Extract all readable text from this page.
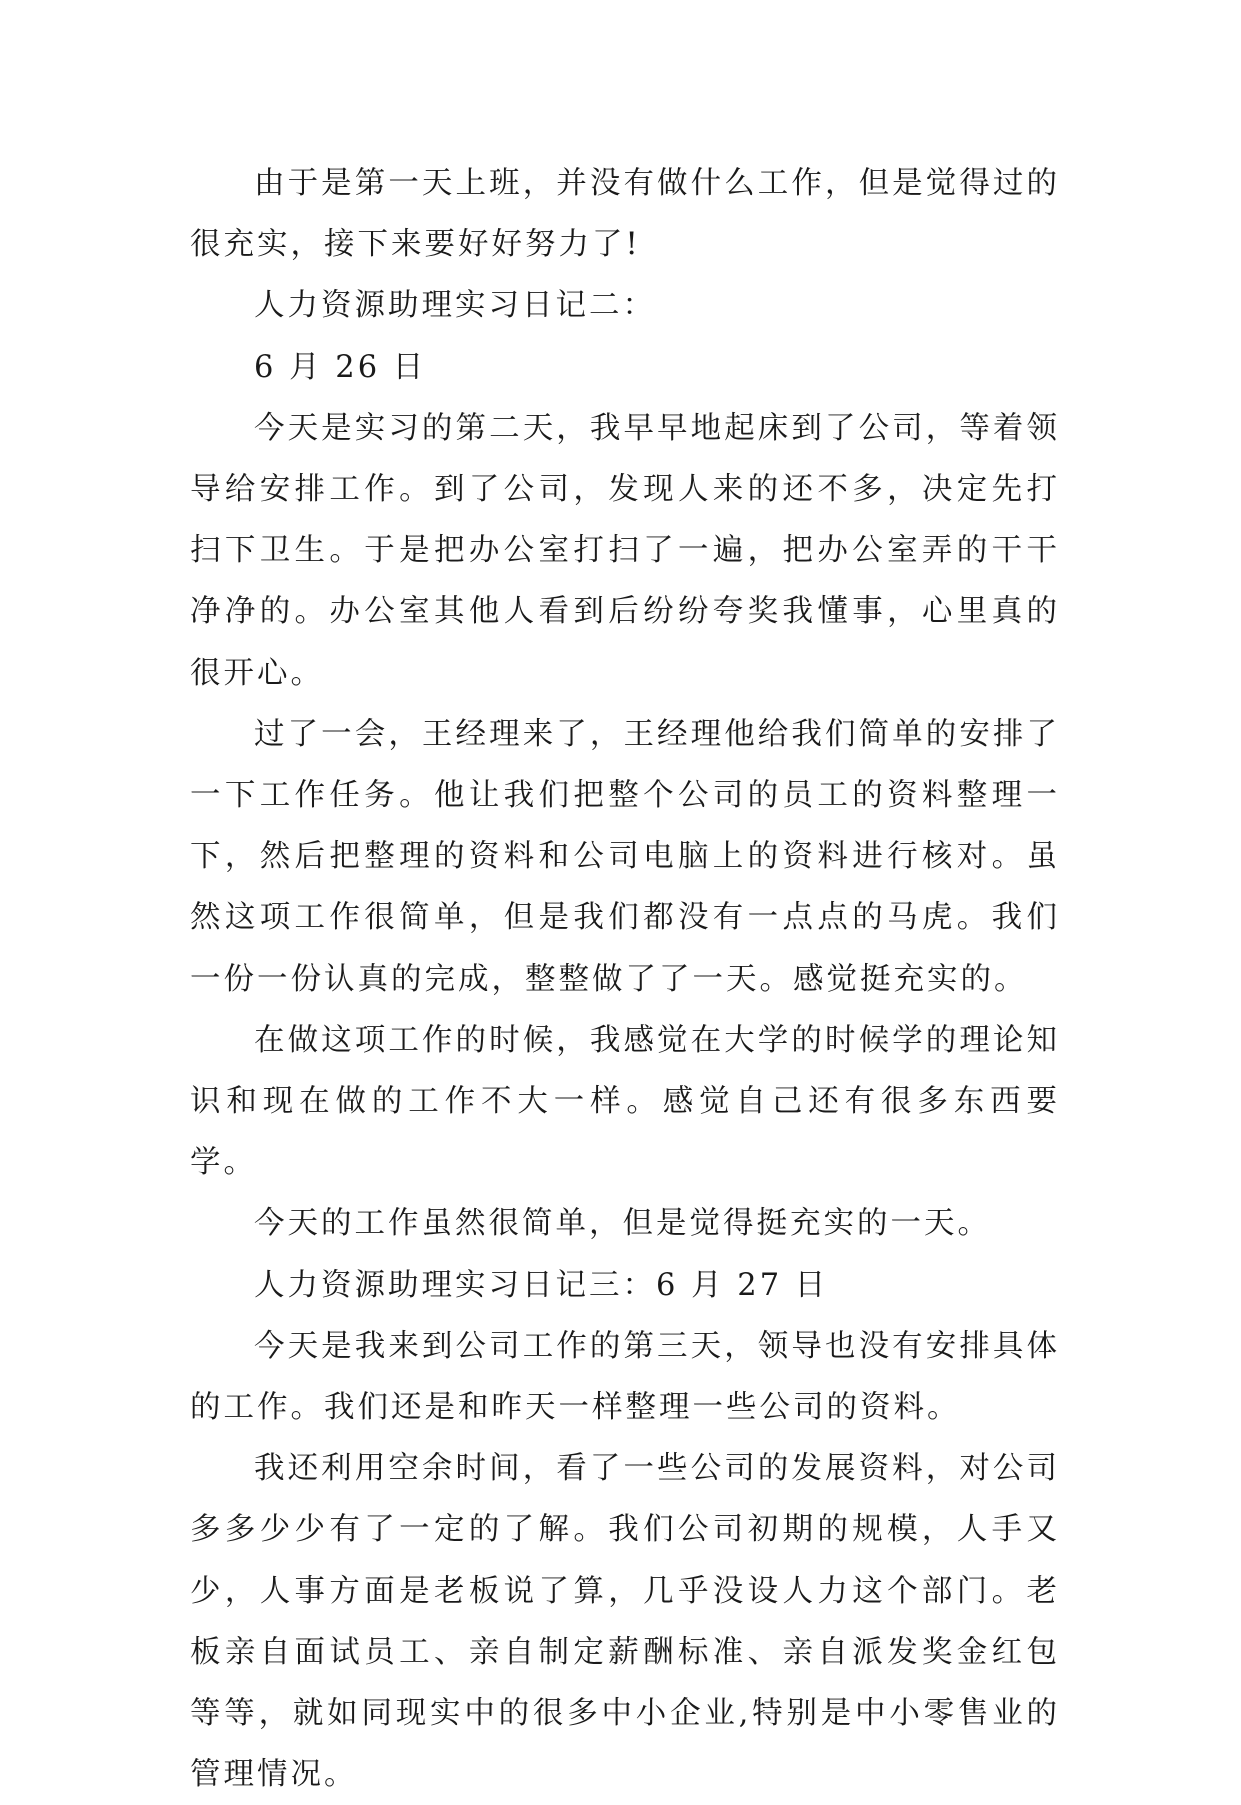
由于是第一天上班，并没有做什么工作，但是觉得过的很充实，接下来要好好努力了!

人力资源助理实习日记二：

6 月 26 日

今天是实习的第二天，我早早地起床到了公司，等着领导给安排工作。到了公司，发现人来的还不多，决定先打扫下卫生。于是把办公室打扫了一遍，把办公室弄的干干净净的。办公室其他人看到后纷纷夸奖我懂事，心里真的很开心。

过了一会，王经理来了，王经理他给我们简单的安排了一下工作任务。他让我们把整个公司的员工的资料整理一下，然后把整理的资料和公司电脑上的资料进行核对。虽然这项工作很简单，但是我们都没有一点点的马虎。我们一份一份认真的完成，整整做了了一天。感觉挺充实的。

在做这项工作的时候，我感觉在大学的时候学的理论知识和现在做的工作不大一样。感觉自己还有很多东西要学。

今天的工作虽然很简单，但是觉得挺充实的一天。

人力资源助理实习日记三：6 月 27 日

今天是我来到公司工作的第三天，领导也没有安排具体的工作。我们还是和昨天一样整理一些公司的资料。

我还利用空余时间，看了一些公司的发展资料，对公司多多少少有了一定的了解。我们公司初期的规模，人手又少，人事方面是老板说了算，几乎没设人力这个部门。老板亲自面试员工、亲自制定薪酬标准、亲自派发奖金红包等等，就如同现实中的很多中小企业,特别是中小零售业的管理情况。
